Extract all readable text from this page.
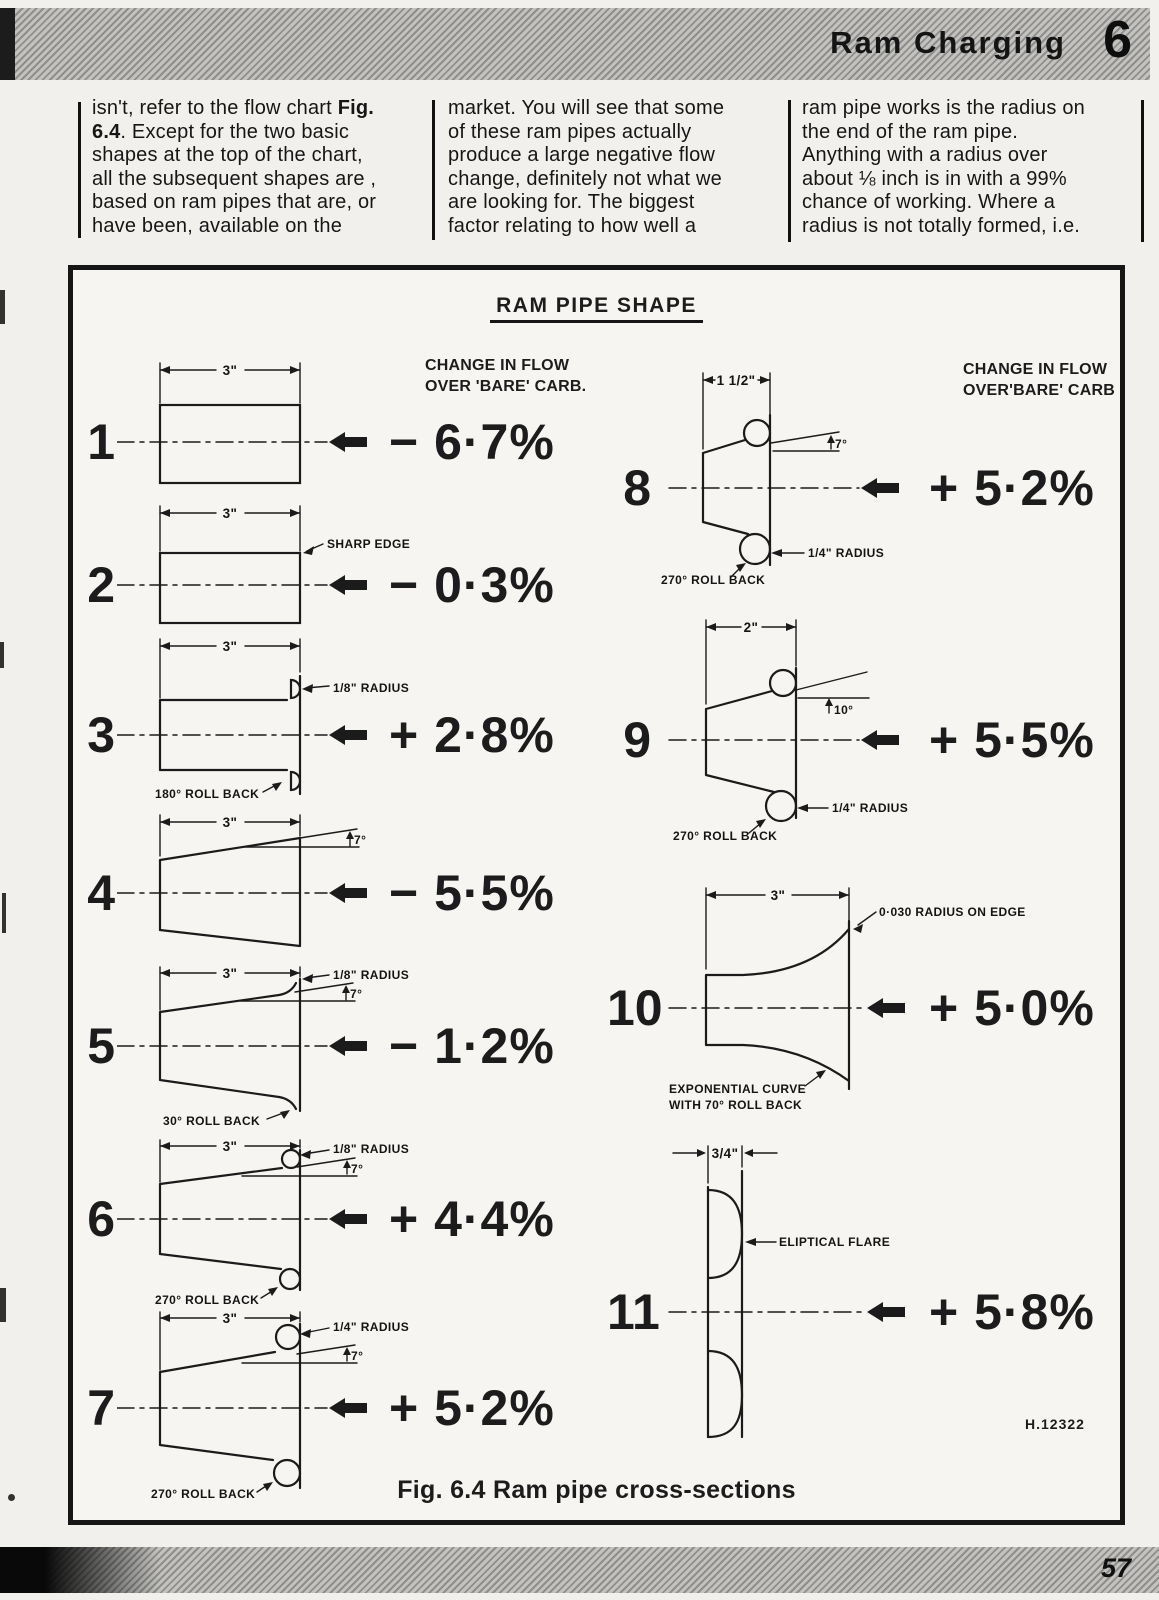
Ram Charging 6
isn't, refer to the flow chart Fig.
6.4. Except for the two basic
shapes at the top of the chart,
all the subsequent shapes are ,
based on ram pipes that are, or
have been, available on the
market. You will see that some
of these ram pipes actually
produce a large negative flow
change, definitely not what we
are looking for. The biggest
factor relating to how well a
ram pipe works is the radius on
the end of the ram pipe.
Anything with a radius over
about ⅛ inch is in with a 99%
chance of working. Where a
radius is not totally formed, i.e.
RAM PIPE SHAPE
CHANGE IN FLOW
OVER 'BARE' CARB.
CHANGE IN FLOW
OVER'BARE' CARB
1
3"
− 6·7%
2
3"
SHARP EDGE
− 0·3%
3
3"
1/8" RADIUS
180° ROLL BACK
+ 2·8%
4
3"
7°
− 5·5%
5
3"	1/8" RADIUS
7°
30° ROLL BACK
− 1·2%
6
3"	1/8" RADIUS
7°
270° ROLL BACK
+ 4·4%
7
3"
1/4" RADIUS
7°
270° ROLL BACK
+ 5·2%
8
1 1/2"
7°
1/4" RADIUS
270° ROLL BACK
+ 5·2%
9
2"
10°
1/4" RADIUS
270° ROLL BACK
+ 5·5%
10
3"
0·030 RADIUS ON EDGE
EXPONENTIAL CURVE
WITH 70° ROLL BACK
+ 5·0%
11
3/4"
ELIPTICAL FLARE
+ 5·8%
H.12322
Fig. 6.4 Ram pipe cross-sections
57
